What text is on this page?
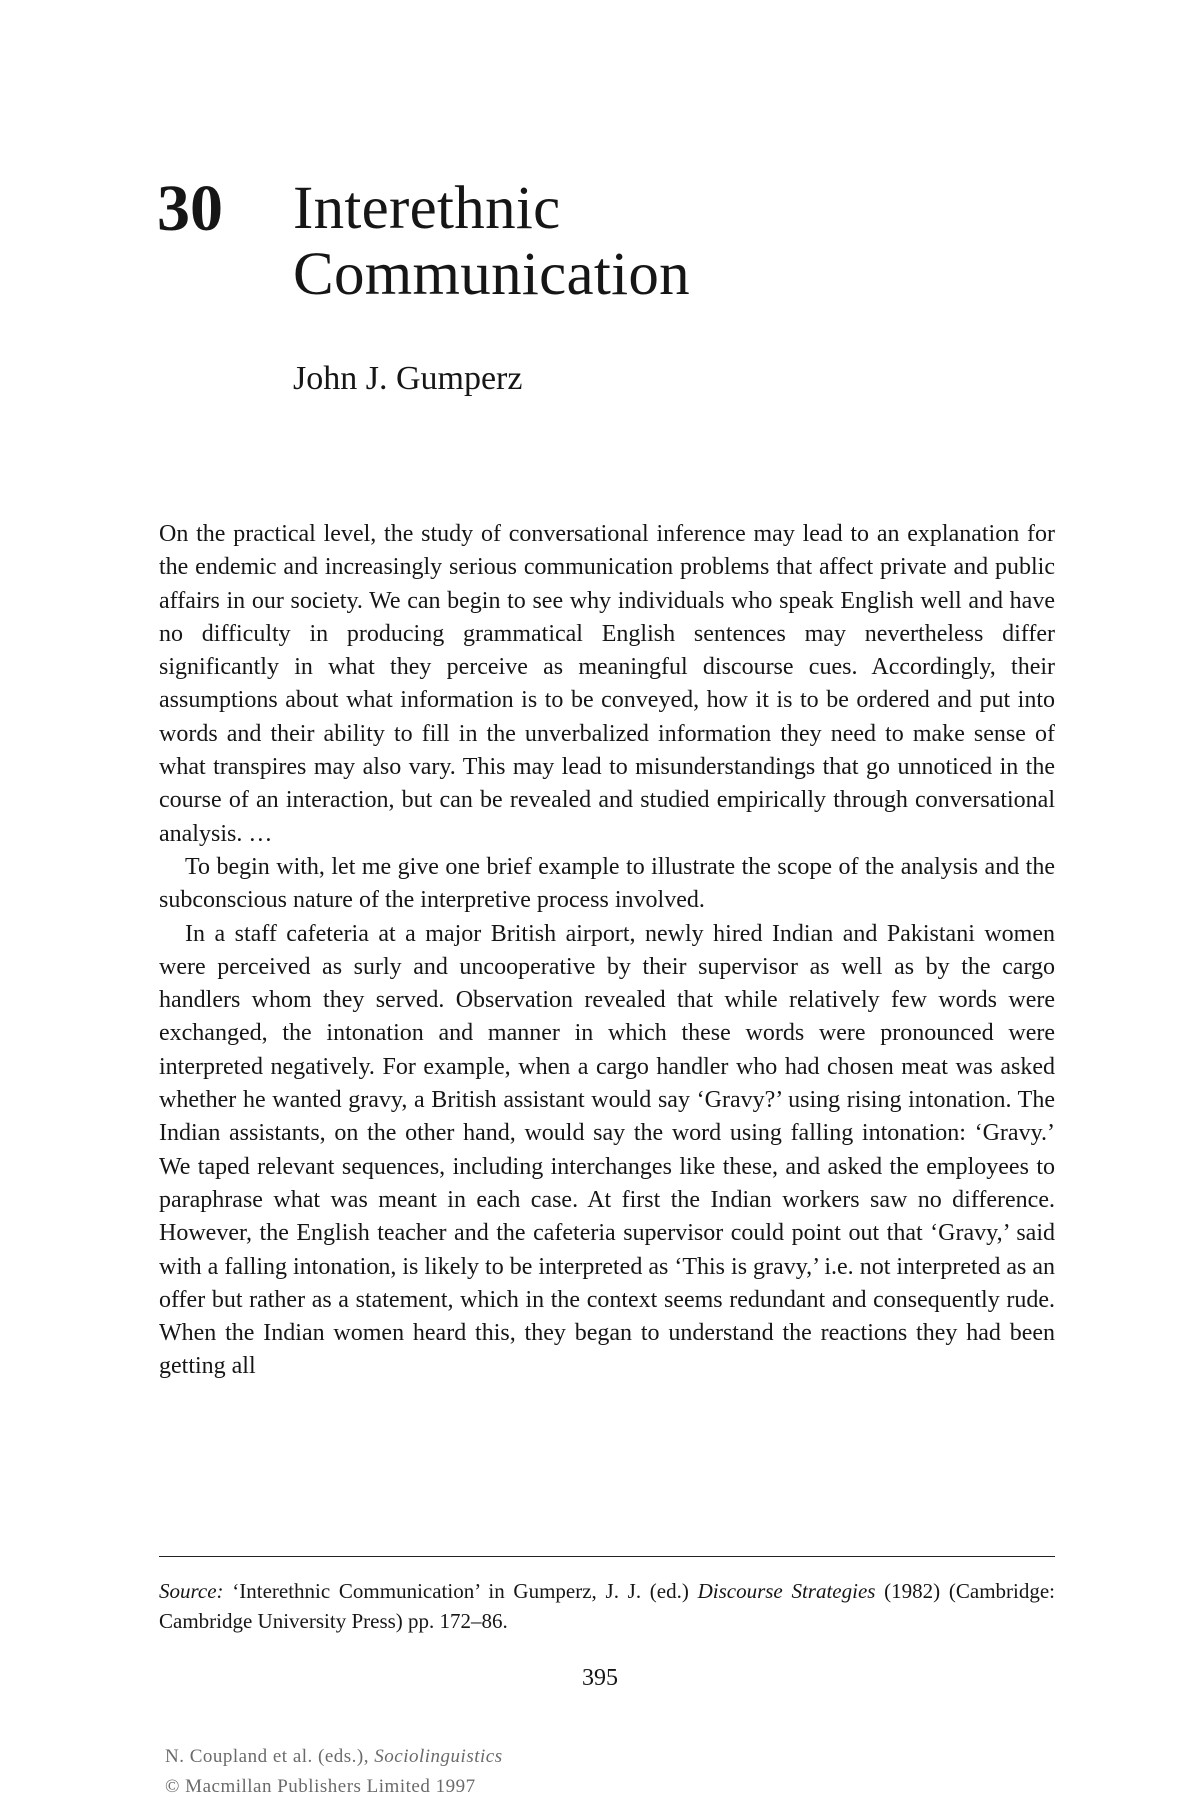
30 Interethnic
Communication
John J. Gumperz

On the practical level, the study of conversational inference may lead to an explanation for the endemic and increasingly serious communication problems that affect private and public affairs in our society. We can begin to see why individuals who speak English well and have no difficulty in producing grammatical English sentences may nevertheless differ significantly in what they perceive as meaningful discourse cues. Accordingly, their assumptions about what information is to be conveyed, how it is to be ordered and put into words and their ability to fill in the unverbalized information they need to make sense of what transpires may also vary. This may lead to misunderstandings that go unnoticed in the course of an interaction, but can be revealed and studied empirically through conversational analysis. …

To begin with, let me give one brief example to illustrate the scope of the analysis and the subconscious nature of the interpretive process involved.

In a staff cafeteria at a major British airport, newly hired Indian and Pakistani women were perceived as surly and uncooperative by their supervisor as well as by the cargo handlers whom they served. Observation revealed that while relatively few words were exchanged, the intonation and manner in which these words were pronounced were interpreted negatively. For example, when a cargo handler who had chosen meat was asked whether he wanted gravy, a British assistant would say ‘Gravy?’ using rising intonation. The Indian assistants, on the other hand, would say the word using falling intonation: ‘Gravy.’ We taped relevant sequences, including interchanges like these, and asked the employees to paraphrase what was meant in each case. At first the Indian workers saw no difference. However, the English teacher and the cafeteria supervisor could point out that ‘Gravy,’ said with a falling intonation, is likely to be interpreted as ‘This is gravy,’ i.e. not interpreted as an offer but rather as a statement, which in the context seems redundant and consequently rude. When the Indian women heard this, they began to understand the reactions they had been getting all

Source: ‘Interethnic Communication’ in Gumperz, J. J. (ed.) Discourse Strategies (1982) (Cambridge: Cambridge University Press) pp. 172–86.
395
N. Coupland et al. (eds.), Sociolinguistics
© Macmillan Publishers Limited 1997
